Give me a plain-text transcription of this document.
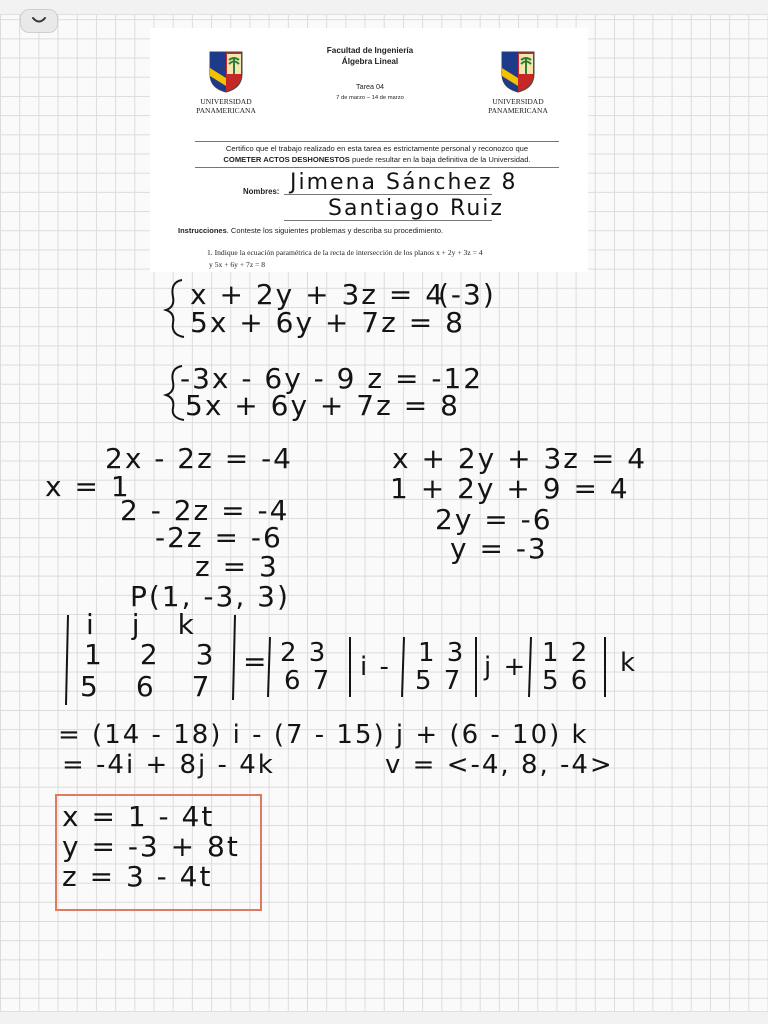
UNIVERSIDAD
PANAMERICANA
UNIVERSIDAD
PANAMERICANA
Facultad de Ingeniería
Álgebra Lineal
Tarea 04
7 de marzo – 14 de marzo
Certifico que el trabajo realizado en esta tarea es estrictamente personal y reconozco que
COMETER ACTOS DESHONESTOS puede resultar en la baja definitiva de la Universidad.
Nombres:
Instrucciones. Conteste los siguientes problemas y describa su procedimiento.
1. Indique la ecuación paramétrica de la recta de intersección de los planos x + 2y + 3z = 4
y 5x + 6y + 7z = 8
Jimena Sánchez 8
Santiago Ruiz
x + 2y + 3z = 4
(-3)
5x + 6y + 7z = 8
-3x - 6y - 9 z = -12
5x + 6y + 7z = 8
2x - 2z = -4
x = 1
2 - 2z = -4
-2z = -6
z = 3
x + 2y + 3z = 4
1 + 2y + 9 = 4
2y = -6
y = -3
P(1, -3, 3)
ijk
123
567
= 2 3
6 7 i - 1 3
5 7 j + 1 2
5 6
k
= (14 - 18) i - (7 - 15) j + (6 - 10) k
= -4i + 8j - 4k	v = <-4, 8, -4>
x = 1 - 4t
y = -3 + 8t
z = 3 - 4t
